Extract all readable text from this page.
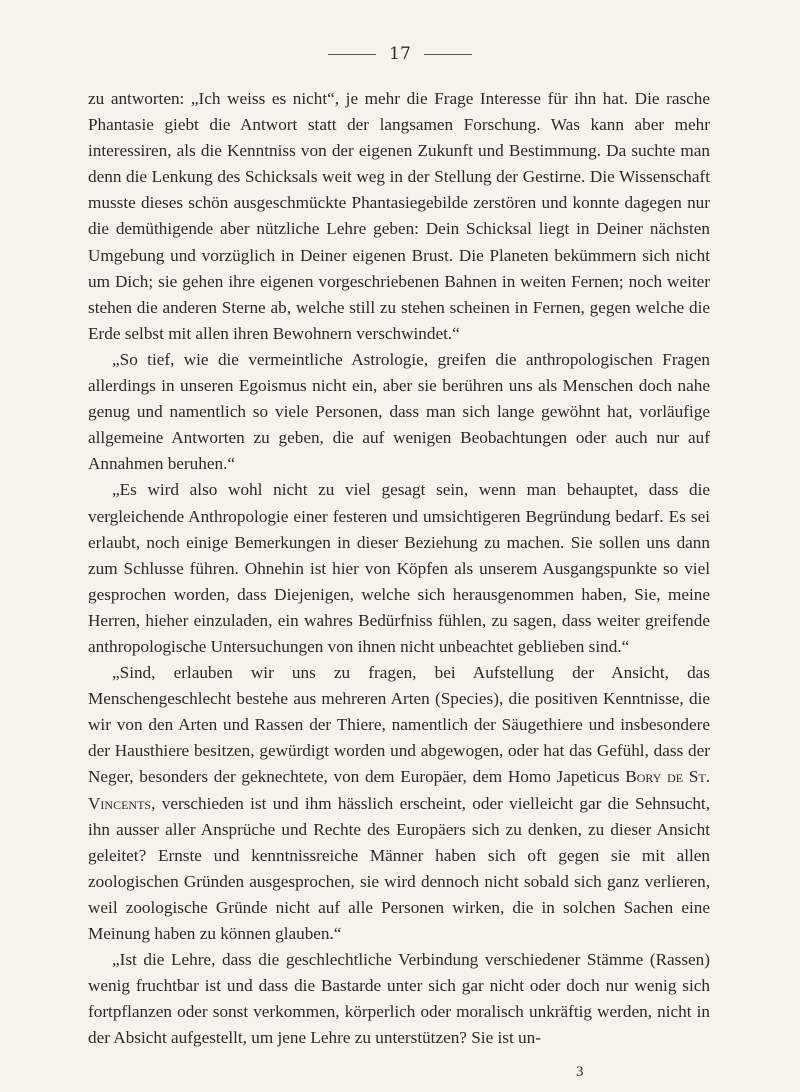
17

zu antworten: „Ich weiss es nicht“, je mehr die Frage Interesse für ihn hat. Die rasche Phantasie giebt die Antwort statt der langsamen Forschung. Was kann aber mehr interessiren, als die Kenntniss von der eigenen Zukunft und Bestimmung. Da suchte man denn die Lenkung des Schicksals weit weg in der Stellung der Gestirne. Die Wissenschaft musste dieses schön ausgeschmückte Phantasiegebilde zerstören und konnte dagegen nur die demüthigende aber nützliche Lehre geben: Dein Schicksal liegt in Deiner nächsten Umgebung und vorzüglich in Deiner eigenen Brust. Die Planeten bekümmern sich nicht um Dich; sie gehen ihre eigenen vorgeschriebenen Bahnen in weiten Fernen; noch weiter stehen die anderen Sterne ab, welche still zu stehen scheinen in Fernen, gegen welche die Erde selbst mit allen ihren Bewohnern verschwindet.“

„So tief, wie die vermeintliche Astrologie, greifen die anthropologischen Fragen allerdings in unseren Egoismus nicht ein, aber sie berühren uns als Menschen doch nahe genug und namentlich so viele Personen, dass man sich lange gewöhnt hat, vorläufige allgemeine Antworten zu geben, die auf wenigen Beobachtungen oder auch nur auf Annahmen beruhen.“

„Es wird also wohl nicht zu viel gesagt sein, wenn man behauptet, dass die vergleichende Anthropologie einer festeren und umsichtigeren Begründung bedarf. Es sei erlaubt, noch einige Bemerkungen in dieser Beziehung zu machen. Sie sollen uns dann zum Schlusse führen. Ohnehin ist hier von Köpfen als unserem Ausgangspunkte so viel gesprochen worden, dass Diejenigen, welche sich herausgenommen haben, Sie, meine Herren, hieher einzuladen, ein wahres Bedürfniss fühlen, zu sagen, dass weiter greifende anthropologische Untersuchungen von ihnen nicht unbeachtet geblieben sind.“

„Sind, erlauben wir uns zu fragen, bei Aufstellung der Ansicht, das Menschengeschlecht bestehe aus mehreren Arten (Species), die positiven Kenntnisse, die wir von den Arten und Rassen der Thiere, namentlich der Säugethiere und insbesondere der Hausthiere besitzen, gewürdigt worden und abgewogen, oder hat das Gefühl, dass der Neger, besonders der geknechtete, von dem Europäer, dem Homo Japeticus Bory de St. Vincents, verschieden ist und ihm hässlich erscheint, oder vielleicht gar die Sehnsucht, ihn ausser aller Ansprüche und Rechte des Europäers sich zu denken, zu dieser Ansicht geleitet? Ernste und kenntnissreiche Männer haben sich oft gegen sie mit allen zoologischen Gründen ausgesprochen, sie wird dennoch nicht sobald sich ganz verlieren, weil zoologische Gründe nicht auf alle Personen wirken, die in solchen Sachen eine Meinung haben zu können glauben.“

„Ist die Lehre, dass die geschlechtliche Verbindung verschiedener Stämme (Rassen) wenig fruchtbar ist und dass die Bastarde unter sich gar nicht oder doch nur wenig sich fortpflanzen oder sonst verkommen, körperlich oder moralisch unkräftig werden, nicht in der Absicht aufgestellt, um jene Lehre zu unterstützen? Sie ist un-

3
